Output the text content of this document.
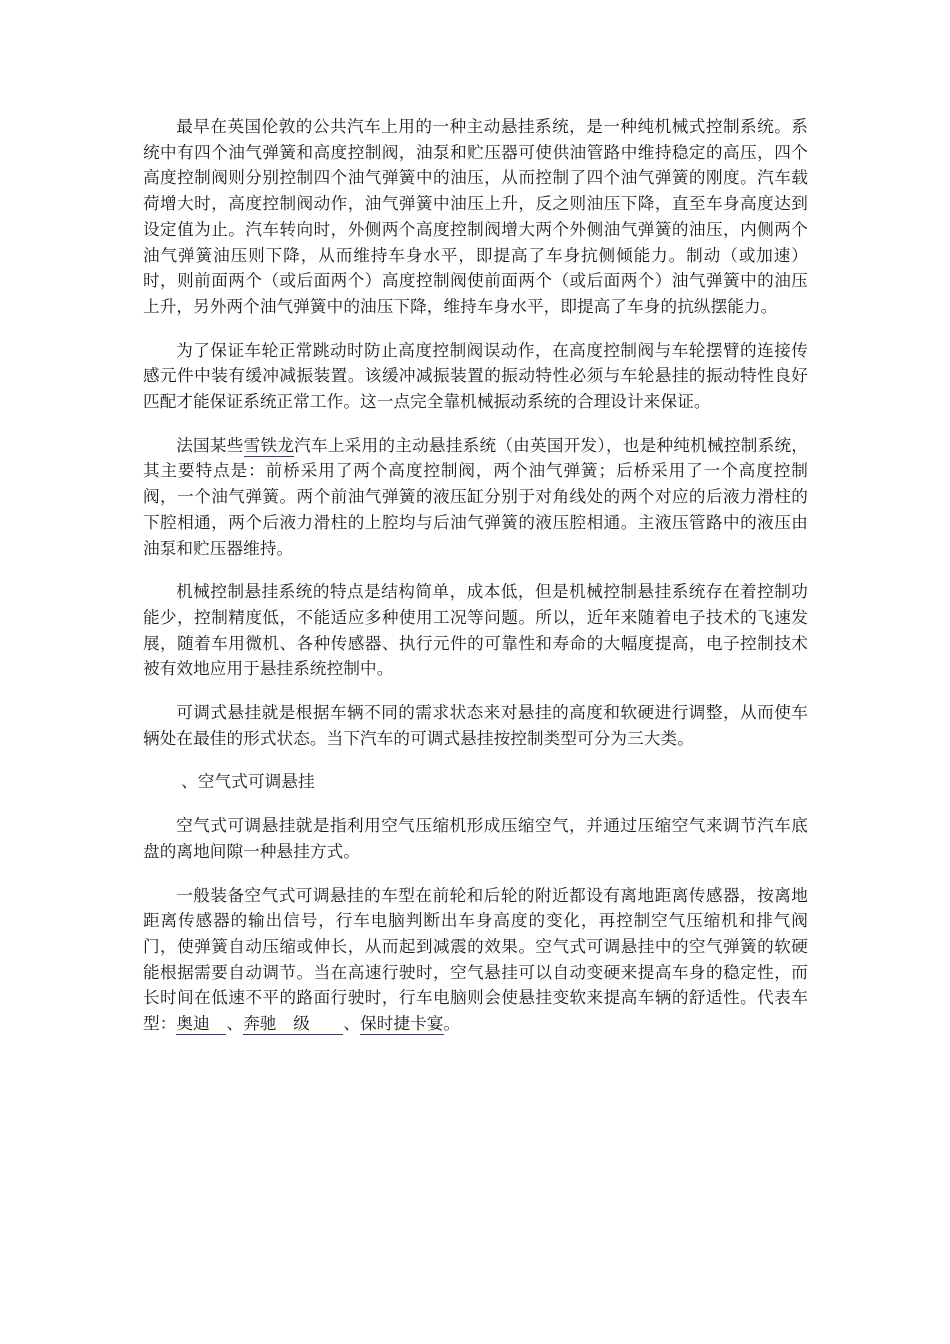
最早在英国伦敦的公共汽车上用的一种主动悬挂系统，是一种纯机械式控制系统。系统中有四个油气弹簧和高度控制阀，油泵和贮压器可使供油管路中维持稳定的高压，四个高度控制阀则分别控制四个油气弹簧中的油压，从而控制了四个油气弹簧的刚度。汽车载荷增大时，高度控制阀动作，油气弹簧中油压上升，反之则油压下降，直至车身高度达到设定值为止。汽车转向时，外侧两个高度控制阀增大两个外侧油气弹簧的油压，内侧两个油气弹簧油压则下降，从而维持车身水平，即提高了车身抗侧倾能力。制动（或加速）时，则前面两个（或后面两个）高度控制阀使前面两个（或后面两个）油气弹簧中的油压上升，另外两个油气弹簧中的油压下降，维持车身水平，即提高了车身的抗纵摆能力。

为了保证车轮正常跳动时防止高度控制阀误动作，在高度控制阀与车轮摆臂的连接传感元件中装有缓冲减振装置。该缓冲减振装置的振动特性必须与车轮悬挂的振动特性良好匹配才能保证系统正常工作。这一点完全靠机械振动系统的合理设计来保证。

法国某些雪铁龙汽车上采用的主动悬挂系统（由英国开发），也是种纯机械控制系统，其主要特点是：前桥采用了两个高度控制阀，两个油气弹簧；后桥采用了一个高度控制阀，一个油气弹簧。两个前油气弹簧的液压缸分别于对角线处的两个对应的后液力滑柱的下腔相通，两个后液力滑柱的上腔均与后油气弹簧的液压腔相通。主液压管路中的液压由油泵和贮压器维持。

机械控制悬挂系统的特点是结构简单，成本低，但是机械控制悬挂系统存在着控制功能少，控制精度低，不能适应多种使用工况等问题。所以，近年来随着电子技术的飞速发展，随着车用微机、各种传感器、执行元件的可靠性和寿命的大幅度提高，电子控制技术被有效地应用于悬挂系统控制中。

可调式悬挂就是根据车辆不同的需求状态来对悬挂的高度和软硬进行调整，从而使车辆处在最佳的形式状态。当下汽车的可调式悬挂按控制类型可分为三大类。

、空气式可调悬挂

空气式可调悬挂就是指利用空气压缩机形成压缩空气，并通过压缩空气来调节汽车底盘的离地间隙一种悬挂方式。

一般装备空气式可调悬挂的车型在前轮和后轮的附近都设有离地距离传感器，按离地距离传感器的输出信号，行车电脑判断出车身高度的变化，再控制空气压缩机和排气阀门，使弹簧自动压缩或伸长，从而起到减震的效果。空气式可调悬挂中的空气弹簧的软硬能根据需要自动调节。当在高速行驶时，空气悬挂可以自动变硬来提高车身的稳定性，而长时间在低速不平的路面行驶时，行车电脑则会使悬挂变软来提高车辆的舒适性。代表车型：奥迪　、奔驰　级　　、保时捷卡宴。
